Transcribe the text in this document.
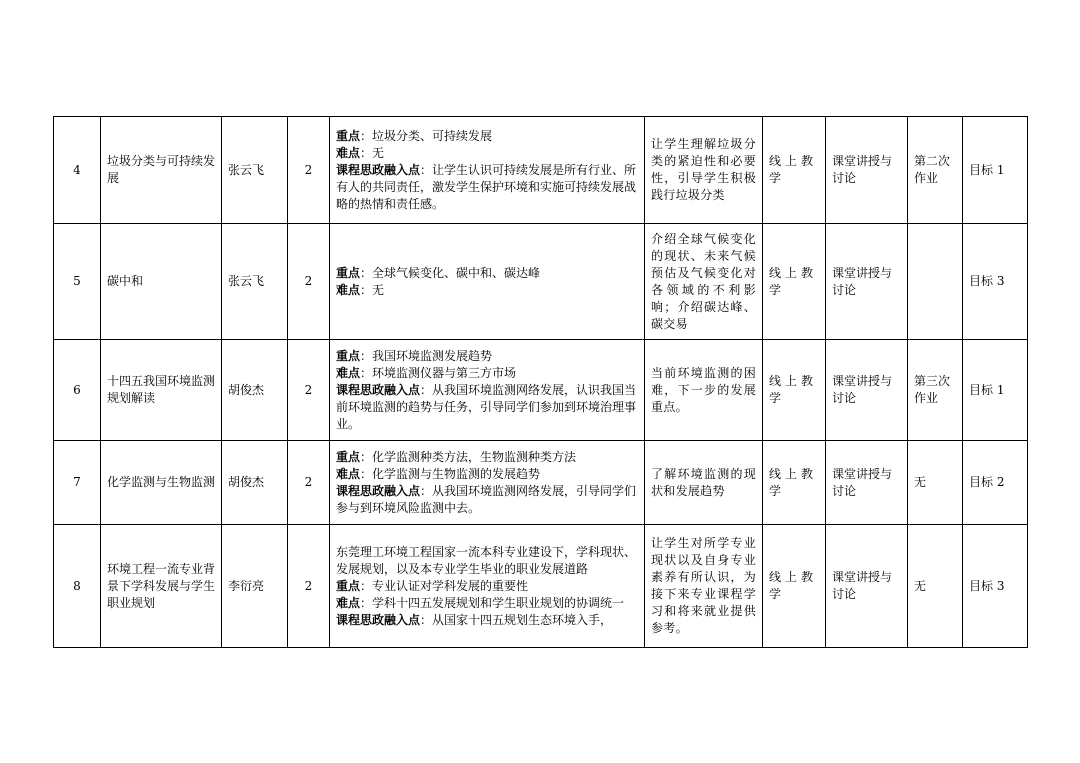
4	垃圾分类与可持续发展	张云飞	2	重点：垃圾分类、可持续发展
难点：无
课程思政融入点：让学生认识可持续发展是所有行业、所有人的共同责任，激发学生保护环境和实施可持续发展战略的热情和责任感。	让学生理解垃圾分类的紧迫性和必要性，引导学生积极践行垃圾分类	线上教学	课堂讲授与讨论	第二次作业	目标 1
5	碳中和	张云飞	2	重点：全球气候变化、碳中和、碳达峰
难点：无	介绍全球气候变化的现状、未来气候预估及气候变化对各领域的不利影响；介绍碳达峰、碳交易	线上教学	课堂讲授与讨论		目标 3
6	十四五我国环境监测规划解读	胡俊杰	2	重点：我国环境监测发展趋势
难点：环境监测仪器与第三方市场
课程思政融入点：从我国环境监测网络发展，认识我国当前环境监测的趋势与任务，引导同学们参加到环境治理事业。	当前环境监测的困难，下一步的发展重点。	线上教学	课堂讲授与讨论	第三次作业	目标 1
7	化学监测与生物监测	胡俊杰	2	重点：化学监测种类方法，生物监测种类方法
难点：化学监测与生物监测的发展趋势
课程思政融入点：从我国环境监测网络发展，引导同学们参与到环境风险监测中去。	了解环境监测的现状和发展趋势	线上教学	课堂讲授与讨论	无	目标 2
8	环境工程一流专业背景下学科发展与学生职业规划	李衍亮	2	东莞理工环境工程国家一流本科专业建设下，学科现状、发展规划，以及本专业学生毕业的职业发展道路
重点：专业认证对学科发展的重要性
难点：学科十四五发展规划和学生职业规划的协调统一
课程思政融入点：从国家十四五规划生态环境入手，	让学生对所学专业现状以及自身专业素养有所认识，为接下来专业课程学习和将来就业提供参考。	线上教学	课堂讲授与讨论	无	目标 3
